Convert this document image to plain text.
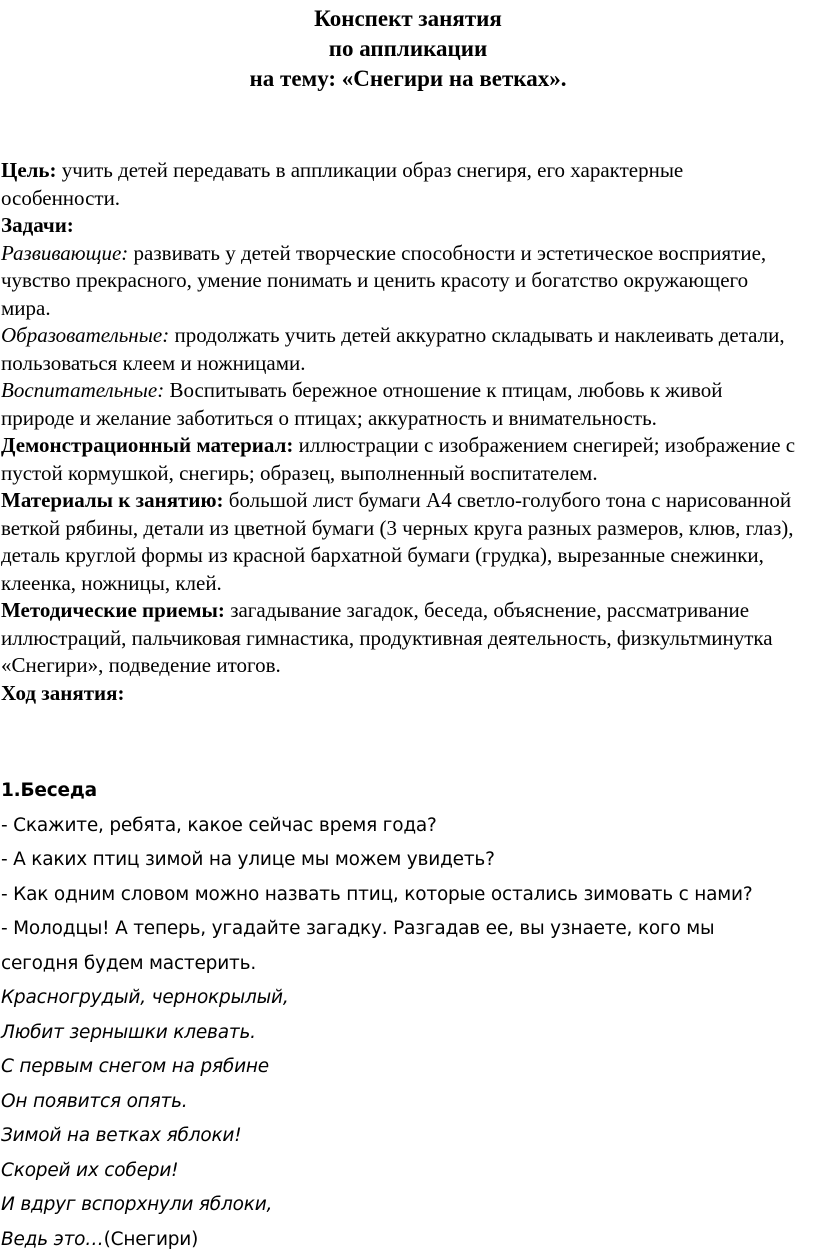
Конспект занятия
по аппликации
на тему: «Снегири на ветках».

Цель: учить детей передавать в аппликации образ снегиря, его характерные особенности.

Задачи:

Развивающие: развивать у детей творческие способности и эстетическое восприятие, чувство прекрасного, умение понимать и ценить красоту и богатство окружающего мира.

Образовательные: продолжать учить детей аккуратно складывать и наклеивать детали, пользоваться клеем и ножницами.

Воспитательные: Воспитывать бережное отношение к птицам, любовь к живой природе и желание заботиться о птицах; аккуратность и внимательность.

Демонстрационный материал: иллюстрации с изображением снегирей; изображение с пустой кормушкой, снегирь; образец, выполненный воспитателем.

Материалы к занятию: большой лист бумаги А4 светло-голубого тона с нарисованной веткой рябины, детали из цветной бумаги (3 черных круга разных размеров, клюв, глаз), деталь круглой формы из красной бархатной бумаги (грудка), вырезанные снежинки, клеенка, ножницы, клей.

Методические приемы: загадывание загадок, беседа, объяснение, рассматривание иллюстраций, пальчиковая гимнастика, продуктивная деятельность, физкультминутка «Снегири», подведение итогов.

Ход занятия:

1.Беседа

- Скажите, ребята, какое сейчас время года?

- А каких птиц зимой на улице мы можем увидеть?

- Как одним словом можно назвать птиц, которые остались зимовать с нами?

- Молодцы! А теперь, угадайте загадку. Разгадав ее, вы узнаете, кого мы

сегодня будем мастерить.

Красногрудый, чернокрылый,

Любит зернышки клевать.

С первым снегом на рябине

Он появится опять.

Зимой на ветках яблоки!

Скорей их собери!

И вдруг вспорхнули яблоки,

Ведь это…(Снегири)
